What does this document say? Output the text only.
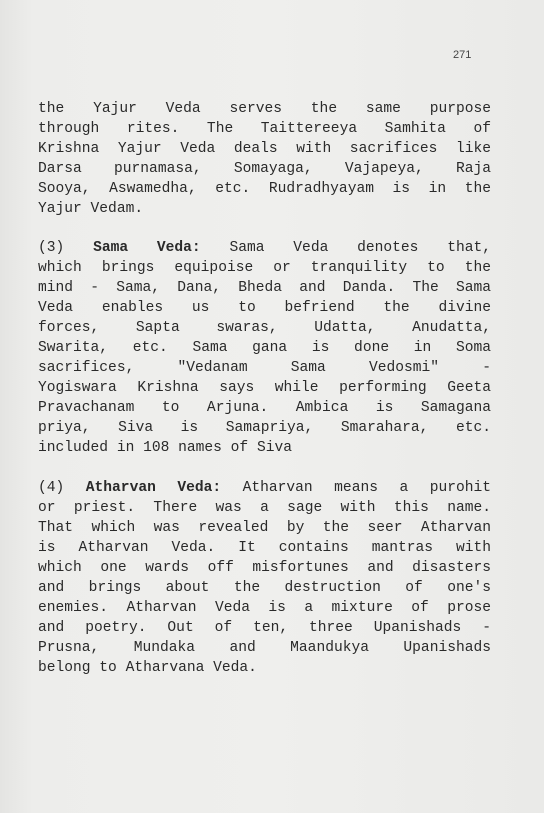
271
the Yajur Veda serves the same purpose
through rites. The Taittereeya Samhita of
Krishna Yajur Veda deals with sacrifices like
Darsa purnamasa, Somayaga, Vajapeya, Raja
Sooya, Aswamedha, etc. Rudradhyayam is in the
Yajur Vedam.
(3) Sama Veda: Sama Veda denotes that,
which brings equipoise or tranquility to the
mind - Sama, Dana, Bheda and Danda. The Sama
Veda enables us to befriend the divine
forces, Sapta swaras, Udatta, Anudatta,
Swarita, etc. Sama gana is done in Soma
sacrifices, "Vedanam Sama Vedosmi" -
Yogiswara Krishna says while performing Geeta
Pravachanam to Arjuna. Ambica is Samagana
priya, Siva is Samapriya, Smarahara, etc.
included in 108 names of Siva
(4) Atharvan Veda: Atharvan means a purohit
or priest. There was a sage with this name.
That which was revealed by the seer Atharvan
is Atharvan Veda. It contains mantras with
which one wards off misfortunes and disasters
and brings about the destruction of one's
enemies. Atharvan Veda is a mixture of prose
and poetry. Out of ten, three Upanishads -
Prusna, Mundaka and Maandukya Upanishads
belong to Atharvana Veda.
